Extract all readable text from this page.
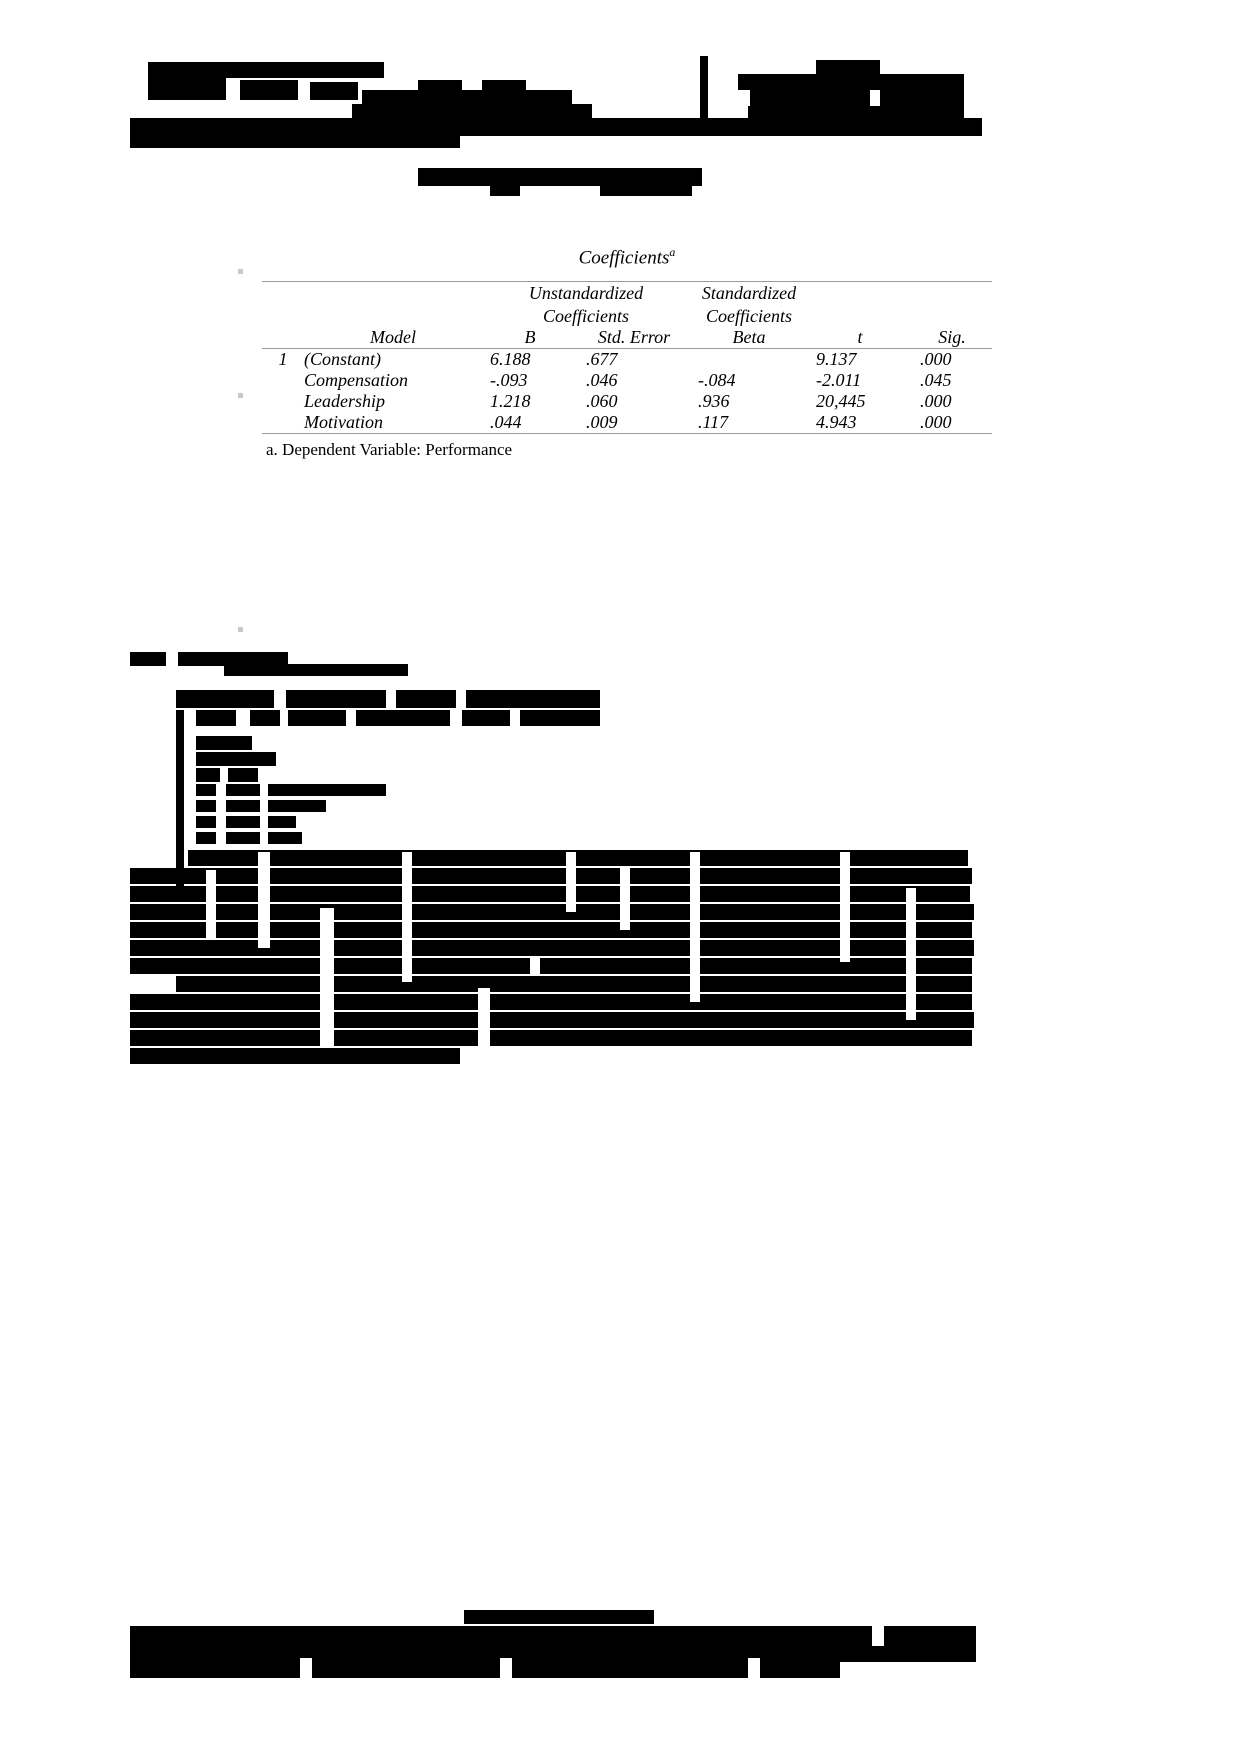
Coefficients$^a$
		Unstandardized
Coefficients		Standardized
Coefficients		
	Model	B	Std. Error	Beta	t	Sig.
1	(Constant)	6.188	.677		9.137	.000
	Compensation	-.093	.046	-.084	-2.011	.045
	Leadership	1.218	.060	.936	20,445	.000
	Motivation	.044	.009	.117	4.943	.000
a. Dependent Variable: Performance
